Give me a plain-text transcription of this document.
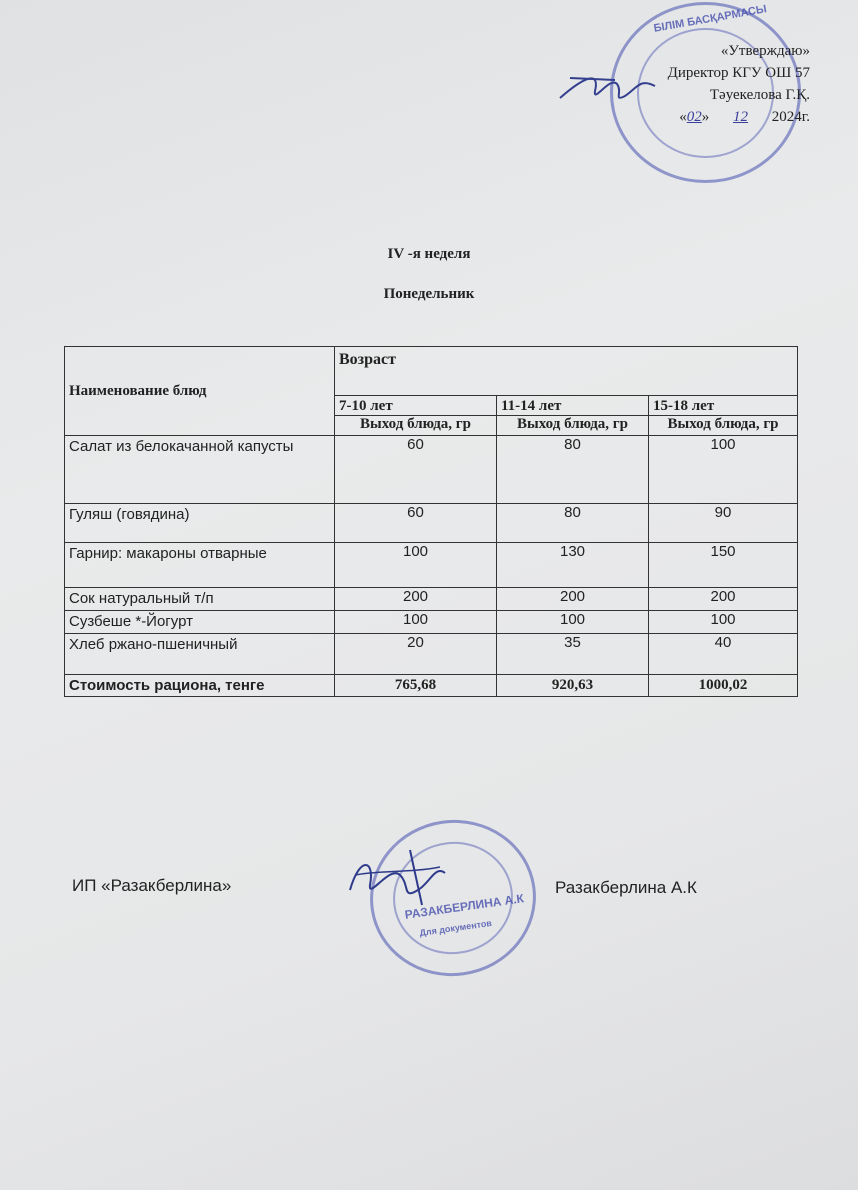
БІЛІМ БАСҚАРМАСЫ
«Утверждаю»
Директор КГУ ОШ 57
Тәуекелова Г.Қ.
«02» 12 2024г.
IV -я неделя
Понедельник
Наименование блюд	Возраст		
	7-10 лет	11-14 лет	15-18 лет
	Выход блюда, гр	Выход блюда, гр	Выход блюда, гр
Салат из белокачанной капусты	60	80	100
Гуляш (говядина)	60	80	90
Гарнир: макароны отварные	100	130	150
Сок натуральный т/п	200	200	200
Сузбеше *-Йогурт	100	100	100
Хлеб ржано-пшеничный	20	35	40
Стоимость рациона, тенге	765,68	920,63	1000,02
РАЗАКБЕРЛИНА А.К
Для документов
ИП «Разакберлина»	Разакберлина А.К
